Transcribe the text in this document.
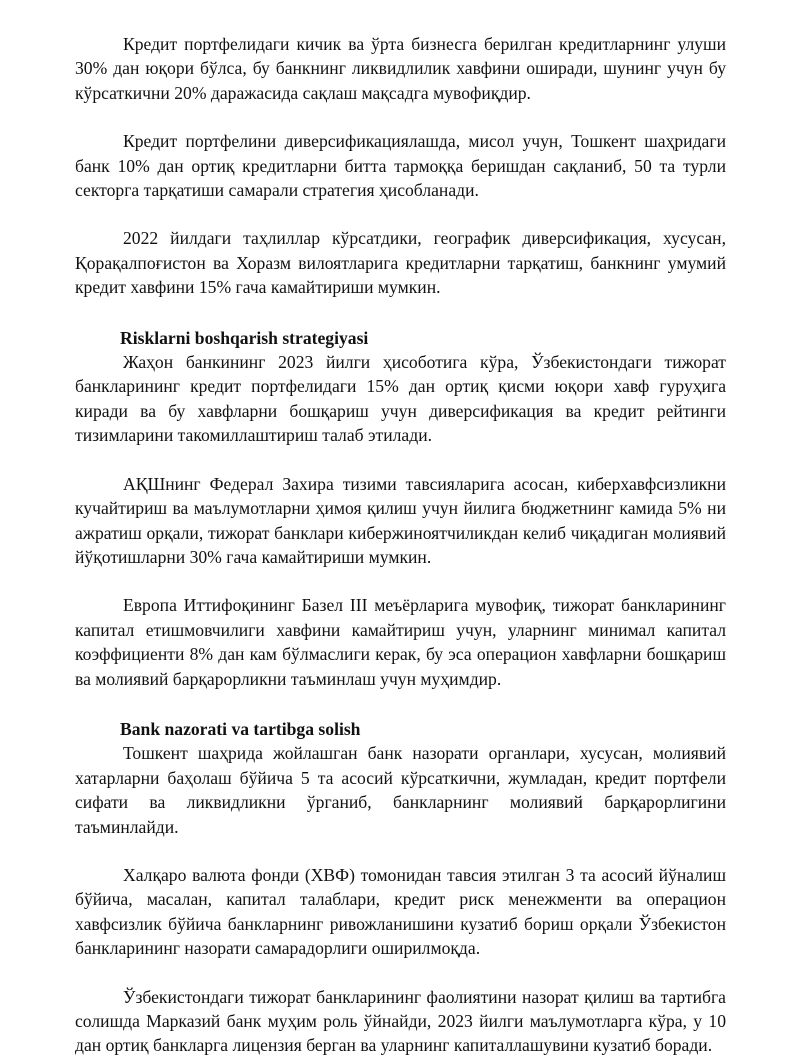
Кредит портфелидаги кичик ва ўрта бизнесга берилган кредитларнинг улуши 30% дан юқори бўлса, бу банкнинг ликвидлилик хавфини оширади, шунинг учун бу кўрсаткични 20% даражасида сақлаш мақсадга мувофиқдир.

Кредит портфелини диверсификациялашда, мисол учун, Тошкент шаҳридаги банк 10% дан ортиқ кредитларни битта тармоққа беришдан сақланиб, 50 та турли секторга тарқатиши самарали стратегия ҳисобланади.

2022 йилдаги таҳлиллар кўрсатдики, географик диверсификация, хусусан, Қорақалпоғистон ва Хоразм вилоятларига кредитларни тарқатиш, банкнинг умумий кредит хавфини 15% гача камайтириши мумкин.

Risklarni boshqarish strategiyasi

Жаҳон банкининг 2023 йилги ҳисоботига кўра, Ўзбекистондаги тижорат банкларининг кредит портфелидаги 15% дан ортиқ қисми юқори хавф гуруҳига киради ва бу хавфларни бошқариш учун диверсификация ва кредит рейтинги тизимларини такомиллаштириш талаб этилади.

АҚШнинг Федерал Захира тизими тавсияларига асосан, киберхавфсизликни кучайтириш ва маълумотларни ҳимоя қилиш учун йилига бюджетнинг камида 5% ни ажратиш орқали, тижорат банклари кибержиноятчиликдан келиб чиқадиган молиявий йўқотишларни 30% гача камайтириши мумкин.

Европа Иттифоқининг Базел III меъёрларига мувофиқ, тижорат банкларининг капитал етишмовчилиги хавфини камайтириш учун, уларнинг минимал капитал коэффициенти 8% дан кам бўлмаслиги керак, бу эса операцион хавфларни бошқариш ва молиявий барқарорликни таъминлаш учун муҳимдир.

Bank nazorati va tartibga solish

Тошкент шаҳрида жойлашган банк назорати органлари, хусусан, молиявий хатарларни баҳолаш бўйича 5 та асосий кўрсаткични, жумладан, кредит портфели сифати ва ликвидликни ўрганиб, банкларнинг молиявий барқарорлигини таъминлайди.

Халқаро валюта фонди (ХВФ) томонидан тавсия этилган 3 та асосий йўналиш бўйича, масалан, капитал талаблари, кредит риск менежменти ва операцион хавфсизлик бўйича банкларнинг ривожланишини кузатиб бориш орқали Ўзбекистон банкларининг назорати самарадорлиги оширилмоқда.

Ўзбекистондаги тижорат банкларининг фаолиятини назорат қилиш ва тартибга солишда Марказий банк муҳим роль ўйнайди, 2023 йилги маълумотларга кўра, у 10 дан ортиқ банкларга лицензия берган ва уларнинг капиталлашувини кузатиб боради.
